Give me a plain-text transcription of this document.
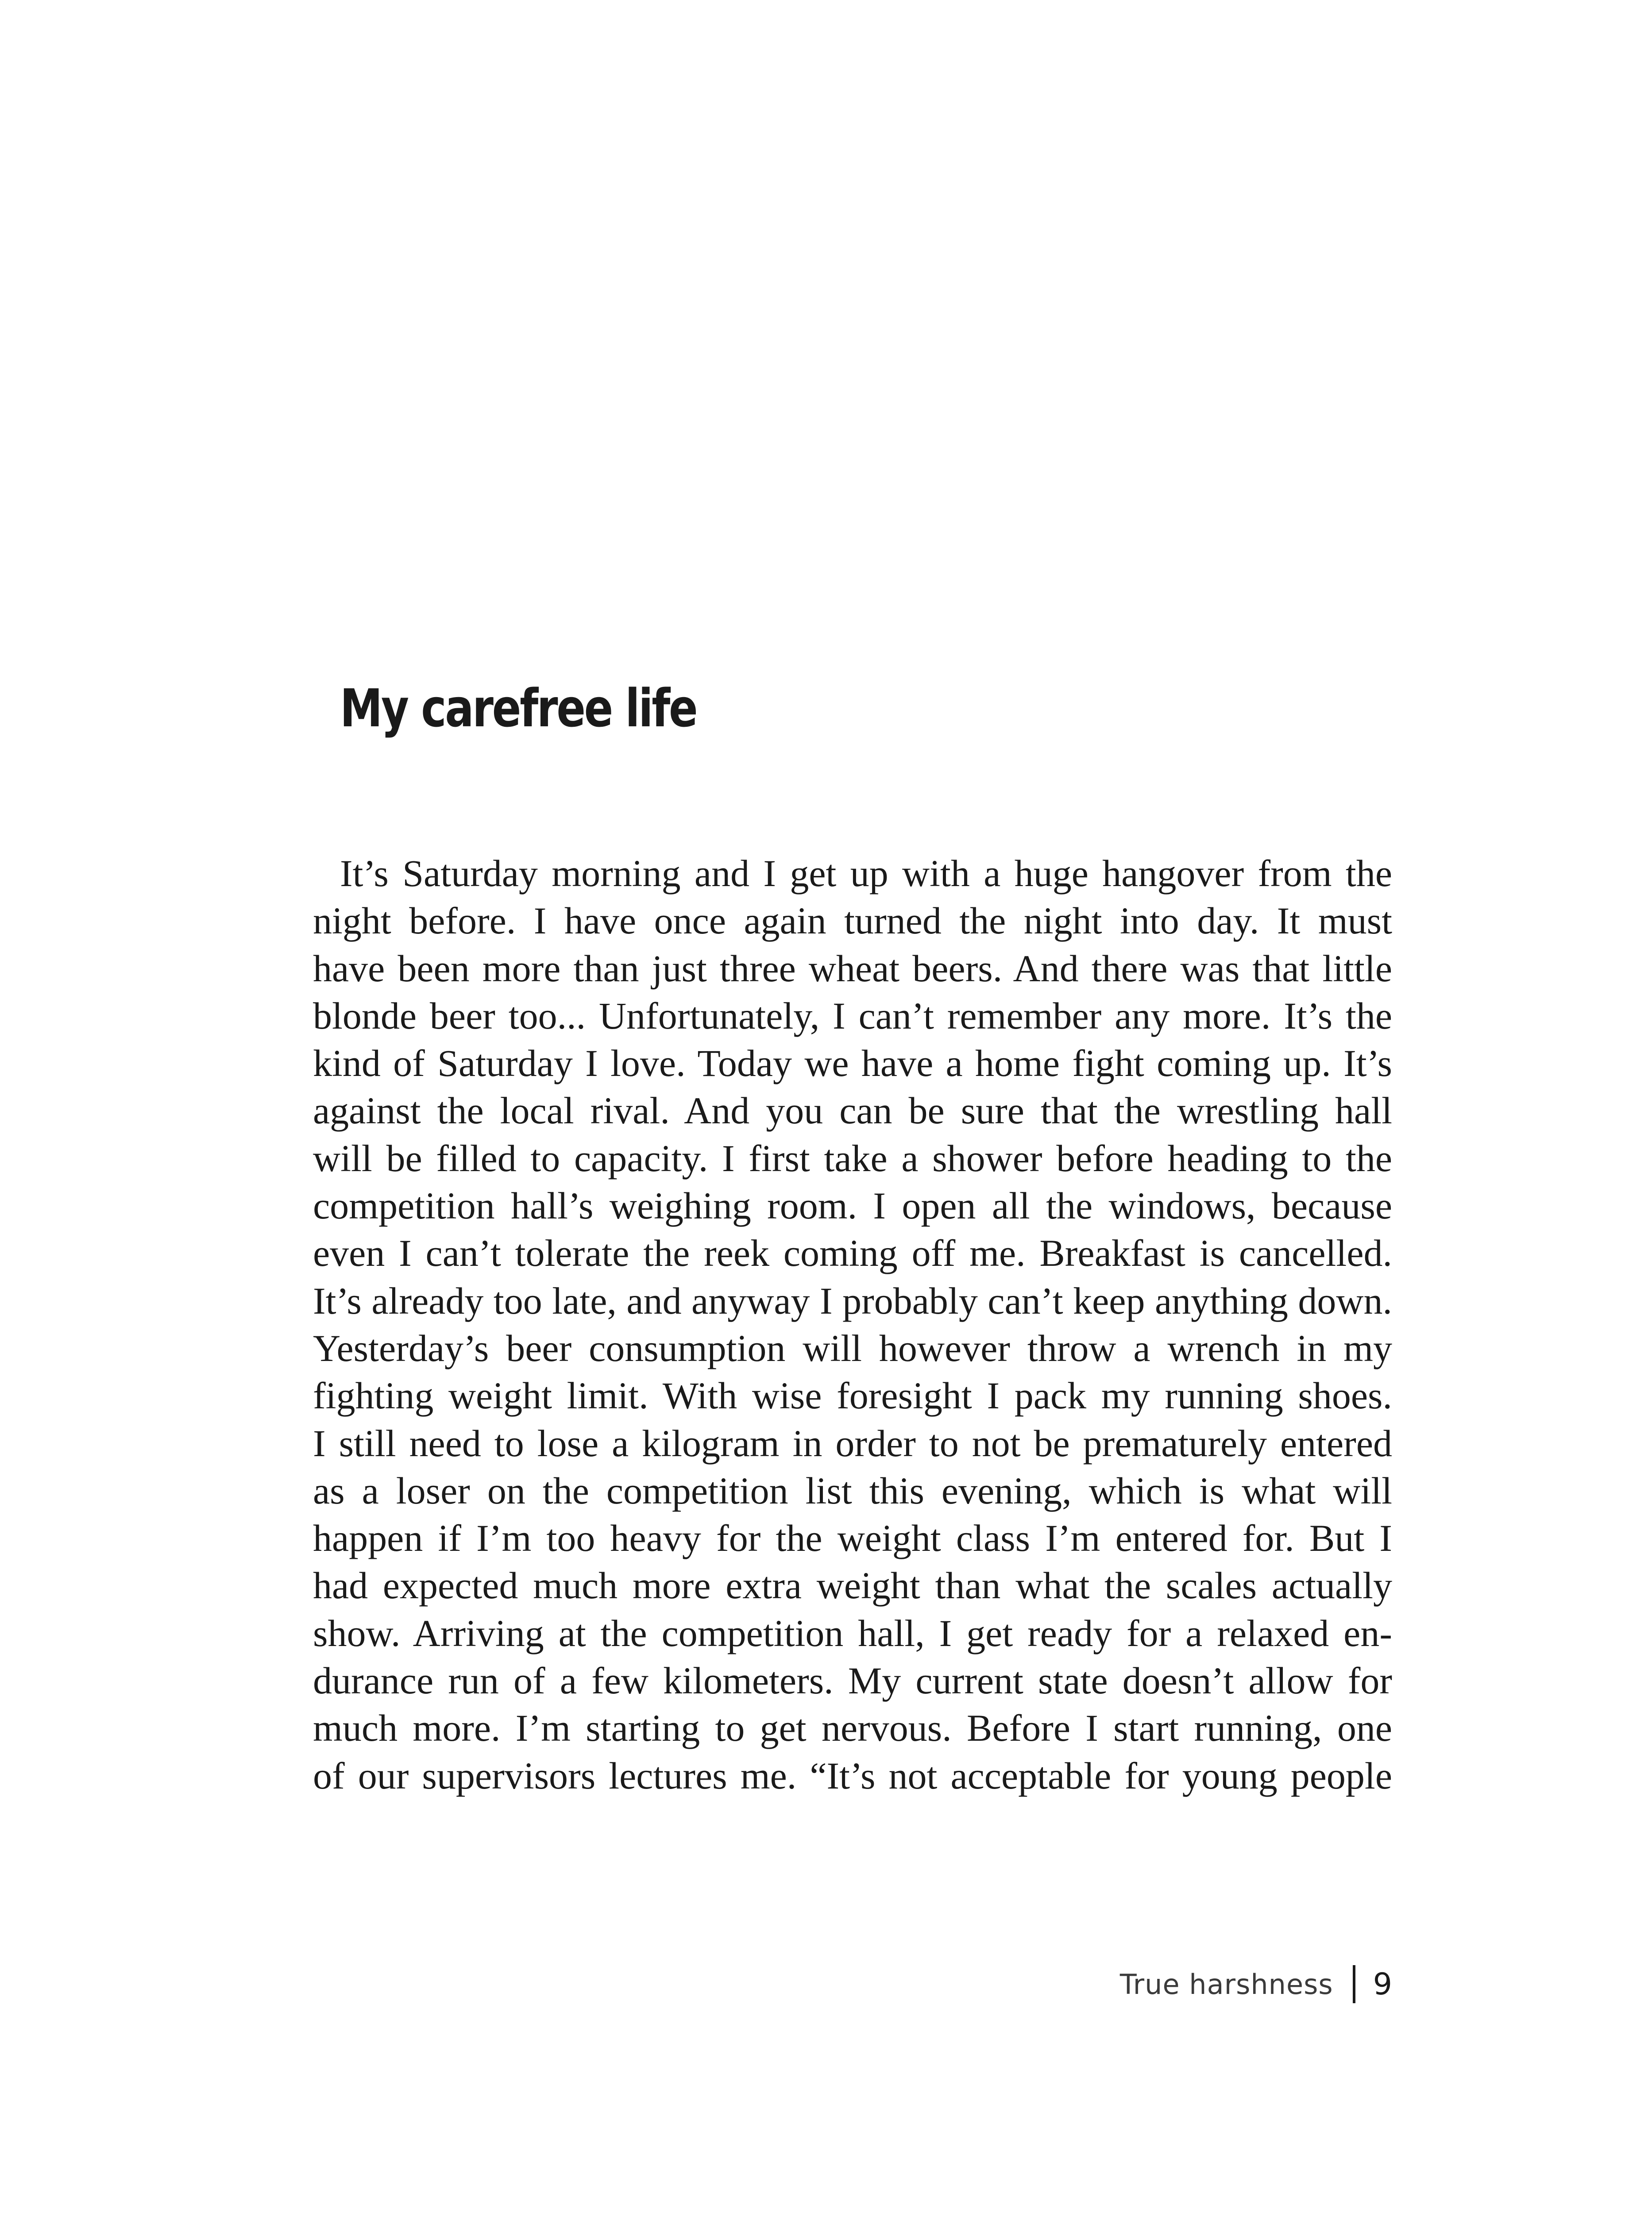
My carefree life
It’s Saturday morning and I get up with a huge hangover from the
night before. I have once again turned the night into day. It must
have been more than just three wheat beers. And there was that little
blonde beer too... Unfortunately, I can’t remember any more. It’s the
kind of Saturday I love. Today we have a home fight coming up. It’s
against the local rival. And you can be sure that the wrestling hall
will be filled to capacity. I first take a shower before heading to the
competition hall’s weighing room. I open all the windows, because
even I can’t tolerate the reek coming off me. Breakfast is cancelled.
It’s already too late, and anyway I probably can’t keep anything down.
Yesterday’s beer consumption will however throw a wrench in my
fighting weight limit. With wise foresight I pack my running shoes.
I still need to lose a kilogram in order to not be prematurely entered
as a loser on the competition list this evening, which is what will
happen if I’m too heavy for the weight class I’m entered for. But I
had expected much more extra weight than what the scales actually
show. Arriving at the competition hall, I get ready for a relaxed en-
durance run of a few kilometers. My current state doesn’t allow for
much more. I’m starting to get nervous. Before I start running, one
of our supervisors lectures me. “It’s not acceptable for young people
True harshness 9
